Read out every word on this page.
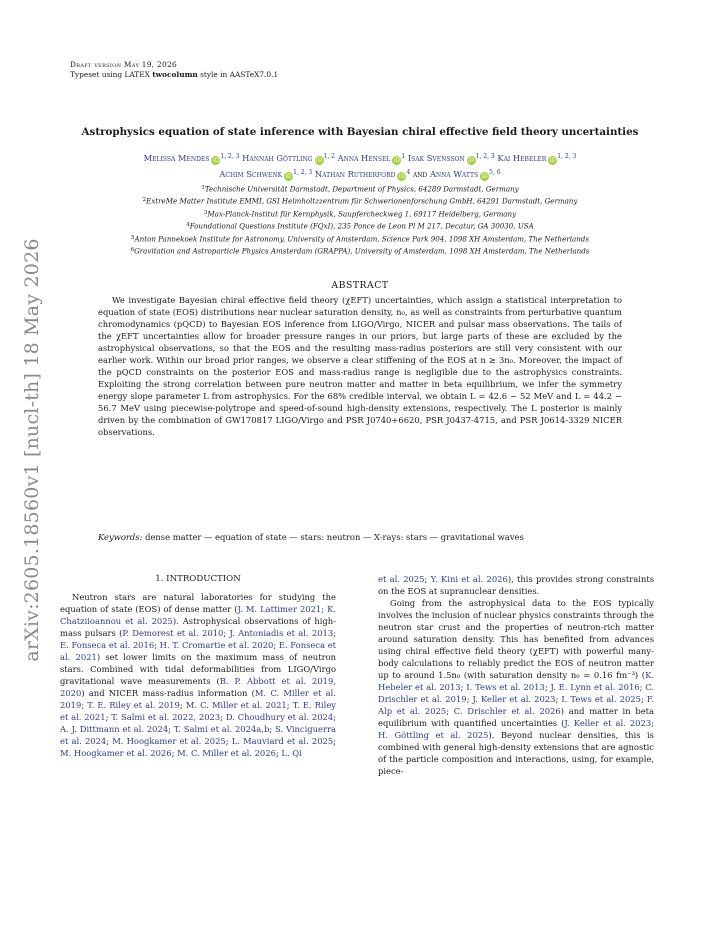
arXiv:2605.18560v1 [nucl-th] 18 May 2026
Draft version May 19, 2026
Typeset using LATEX twocolumn style in AASTeX7.0.1
Astrophysics equation of state inference with Bayesian chiral effective field theory uncertainties
Melissa Mendes iD$^{1, 2, 3}$ Hannah Göttling iD$^{1, 2}$ Anna Hensel $iD^1$ Isak Svensson iD$^{1, 2, 3}$ Kai Hebeler iD$^{1, 2, 3}$
Achim Schwenk iD$^{1, 2, 3}$ Nathan Rutherford $iD^4$ and Anna Watts iD$^{5, 6}$
$^1$Technische Universität Darmstadt, Department of Physics, 64289 Darmstadt, Germany
$^2$ExtreMe Matter Institute EMMI, GSI Helmholtzzentrum für Schwerionenforschung GmbH, 64291 Darmstadt, Germany
$^3$Max-Planck-Institut für Kernphysik, Saupfercheckweg 1, 69117 Heidelberg, Germany
$^4$Foundational Questions Institute (FQxI), 235 Ponce de Leon Pl M 217, Decatur, GA 30030, USA
$^5$Anton Pannekoek Institute for Astronomy, University of Amsterdam, Science Park 904, 1098 XH Amsterdam, The Netherlands
$^6$Gravitation and Astroparticle Physics Amsterdam (GRAPPA), University of Amsterdam, 1098 XH Amsterdam, The Netherlands
ABSTRACT

We investigate Bayesian chiral effective field theory (χEFT) uncertainties, which assign a statistical interpretation to equation of state (EOS) distributions near nuclear saturation density, n₀, as well as constraints from perturbative quantum chromodynamics (pQCD) to Bayesian EOS inference from LIGO/Virgo, NICER and pulsar mass observations. The tails of the χEFT uncertainties allow for broader pressure ranges in our priors, but large parts of these are excluded by the astrophysical observations, so that the EOS and the resulting mass-radius posteriors are still very consistent with our earlier work. Within our broad prior ranges, we observe a clear stiffening of the EOS at n ≳ 3n₀. Moreover, the impact of the pQCD constraints on the posterior EOS and mass-radius range is negligible due to the astrophysics constraints. Exploiting the strong correlation between pure neutron matter and matter in beta equilibrium, we infer the symmetry energy slope parameter L from astrophysics. For the 68% credible interval, we obtain L = 42.6 − 52 MeV and L = 44.2 − 56.7 MeV using piecewise-polytrope and speed-of-sound high-density extensions, respectively. The L posterior is mainly driven by the combination of GW170817 LIGO/Virgo and PSR J0740+6620, PSR J0437-4715, and PSR J0614-3329 NICER observations.

Keywords: dense matter — equation of state — stars: neutron — X-rays: stars — gravitational waves
1. INTRODUCTION

Neutron stars are natural laboratories for studying the equation of state (EOS) of dense matter (J. M. Lattimer 2021; K. Chatziioannou et al. 2025). Astrophysical observations of high-mass pulsars (P. Demorest et al. 2010; J. Antoniadis et al. 2013; E. Fonseca et al. 2016; H. T. Cromartie et al. 2020; E. Fonseca et al. 2021) set lower limits on the maximum mass of neutron stars. Combined with tidal deformabilities from LIGO/Virgo gravitational wave measurements (B. P. Abbott et al. 2019, 2020) and NICER mass-radius information (M. C. Miller et al. 2019; T. E. Riley et al. 2019; M. C. Miller et al. 2021; T. E. Riley et al. 2021; T. Salmi et al. 2022, 2023; D. Choudhury et al. 2024; A. J. Dittmann et al. 2024; T. Salmi et al. 2024a,b; S. Vinciguerra et al. 2024; M. Hoogkamer et al. 2025; L. Mauviard et al. 2025; M. Hoogkamer et al. 2026; M. C. Miller et al. 2026; L. Qi

et al. 2025; Y. Kini et al. 2026), this provides strong constraints on the EOS at supranuclear densities.

Going from the astrophysical data to the EOS typically involves the inclusion of nuclear physics constraints through the neutron star crust and the properties of neutron-rich matter around saturation density. This has benefited from advances using chiral effective field theory (χEFT) with powerful many-body calculations to reliably predict the EOS of neutron matter up to around 1.5n₀ (with saturation density n₀ = 0.16 fm⁻³) (K. Hebeler et al. 2013; I. Tews et al. 2013; J. E. Lynn et al. 2016; C. Drischler et al. 2019; J. Keller et al. 2023; I. Tews et al. 2025; F. Alp et al. 2025; C. Drischler et al. 2026) and matter in beta equilibrium with quantified uncertainties (J. Keller et al. 2023; H. Göttling et al. 2025). Beyond nuclear densities, this is combined with general high-density extensions that are agnostic of the particle composition and interactions, using, for example, piece-
